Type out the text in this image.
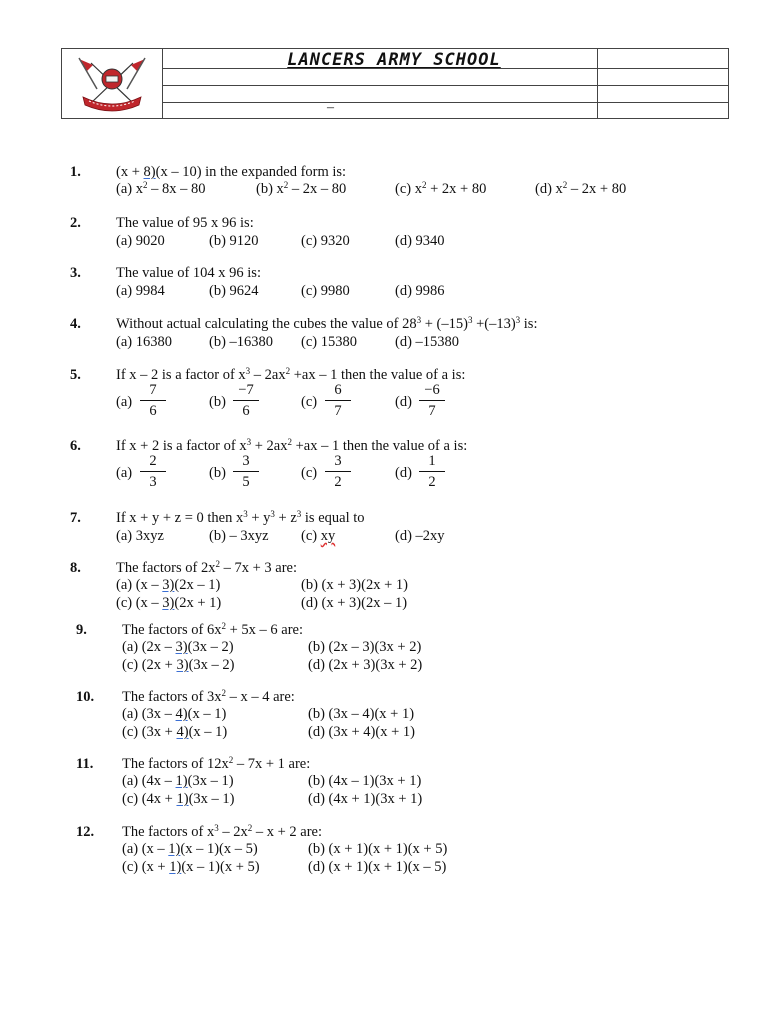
LANCERS ARMY SCHOOL
–
1. (x + 8)(x – 10) in the expanded form is:
(a) $x^2 - 8x - 80$	(b) $x^2 - 2x - 80$	(c) $x^2 + 2x + 80$	(d) $x^2 - 2x + 80$
2. The value of 95 x 96 is:
(a) 9020	(b) 9120	(c) 9320	(d) 9340
3. The value of 104 x 96 is:
(a) 9984	(b) 9624	(c) 9980	(d) 9986
4. Without actual calculating the cubes the value of $28^3 + (-15)^3 +(-13)^3$ is:
(a) 16380	(b) –16380 (c) 15380	(d) –15380
5. If x – 2 is a factor of $x^3 - 2ax^2 +ax - 1$ then the value of a is:
(a)
7
6
(b)
−7
6
(c)
6
7
(d)
−6
7
6. If x + 2 is a factor of $x^3 + 2ax^2 +ax - 1$ then the value of a is:
(a)
2
3
(b)
3
5
(c)
3
2
(d)
1
2
7. If x + y + z = 0 then $x^3 + y^3 + z^3$ is equal to
(a) 3xyz	(b) – 3xyz (c) xy	(d) –2xy
8. The factors of $2x^2 - 7x + 3$ are:
(a) (x – 3)(2x – 1)	(b) (x + 3)(2x + 1)
(c) (x – 3)(2x + 1)	(d) (x + 3)(2x – 1)
9. The factors of $6x^2 + 5x - 6$ are:
(a) (2x – 3)(3x – 2)	(b) (2x – 3)(3x + 2)
(c) (2x + 3)(3x – 2)	(d) (2x + 3)(3x + 2)
10. The factors of $3x^2$ – x – 4 are:
(a) (3x – 4)(x – 1)	(b) (3x – 4)(x + 1)
(c) (3x + 4)(x – 1)	(d) (3x + 4)(x + 1)
11. The factors of $12x^2 - 7x + 1$ are:
(a) (4x – 1)(3x – 1)	(b) (4x – 1)(3x + 1)
(c) (4x + 1)(3x – 1)	(d) (4x + 1)(3x + 1)
12. The factors of $x^3 - 2x^2 - x + 2$ are:
(a) (x – 1)(x – 1)(x – 5)	(b) (x + 1)(x + 1)(x + 5)
(c) (x + 1)(x – 1)(x + 5)	(d) (x + 1)(x + 1)(x – 5)
